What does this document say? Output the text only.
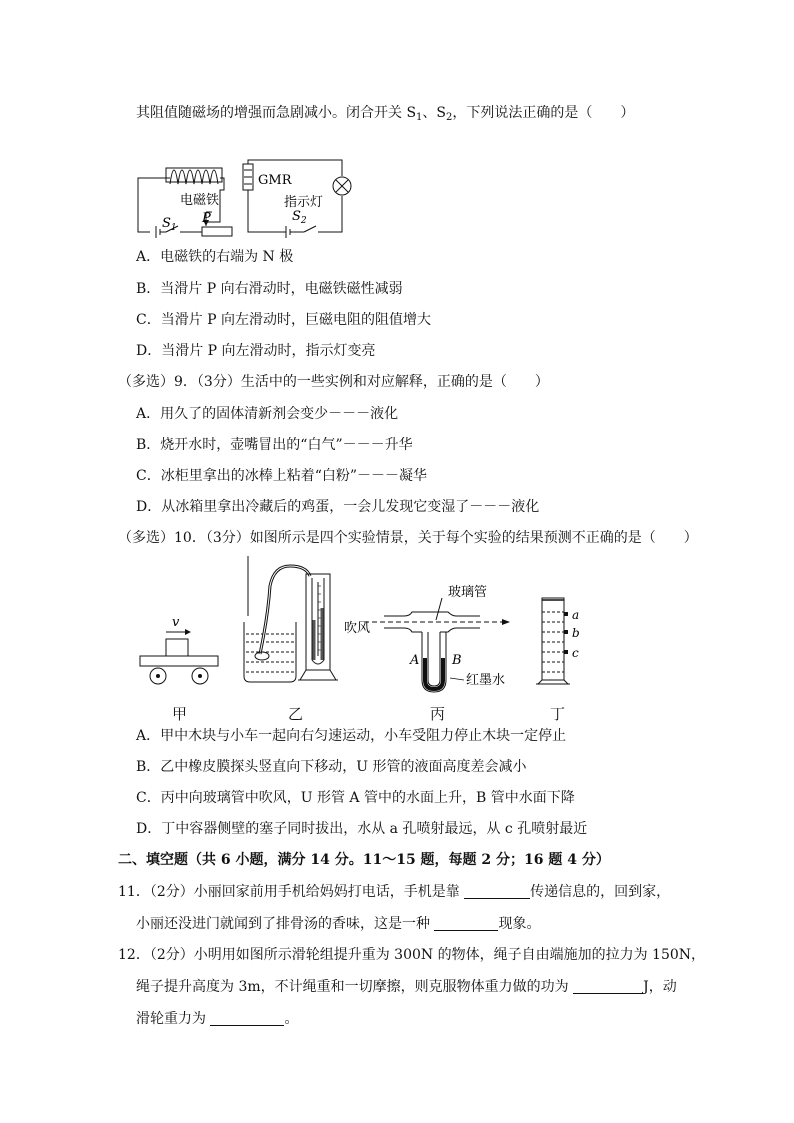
其阻值随磁场的增强而急剧减小。闭合开关 $S_1$、$S_2$，下列说法正确的是（　　）
GMR
电磁铁	指示灯
$S_1$
P	$S_2$
A．电磁铁的右端为 N 极
B．当滑片 P 向右滑动时，电磁铁磁性减弱
C．当滑片 P 向左滑动时，巨磁电阻的阻值增大
D．当滑片 P 向左滑动时，指示灯变亮
（多选）9．（3分）生活中的一些实例和对应解释，正确的是（　　）
A．用久了的固体清新剂会变少－－－液化
B．烧开水时，壶嘴冒出的“白气”－－－升华
C．冰柜里拿出的冰棒上粘着“白粉”－－－凝华
D．从冰箱里拿出冷藏后的鸡蛋，一会儿发现它变湿了－－－液化
（多选）10．（3分）如图所示是四个实验情景，关于每个实验的结果预测不正确的是（　　）
v
甲	乙
玻璃管
吹风
A	B
红墨水
丙
a
b
c
丁
A．甲中木块与小车一起向右匀速运动，小车受阻力停止木块一定停止
B．乙中橡皮膜探头竖直向下移动，U 形管的液面高度差会减小
C．丙中向玻璃管中吹风，U 形管 A 管中的水面上升，B 管中水面下降
D．丁中容器侧壁的塞子同时拔出，水从 a 孔喷射最远，从 c 孔喷射最近
二、填空题（共 6 小题，满分 14 分。11～15 题，每题 2 分；16 题 4 分）
11．（2分）小丽回家前用手机给妈妈打电话，手机是靠	传递信息的，回到家，
小丽还没进门就闻到了排骨汤的香味，这是一种	现象。
12．（2分）小明用如图所示滑轮组提升重为 300N 的物体，绳子自由端施加的拉力为 150N，
绳子提升高度为 3m，不计绳重和一切摩擦，则克服物体重力做的功为	J，动
滑轮重力为	。
